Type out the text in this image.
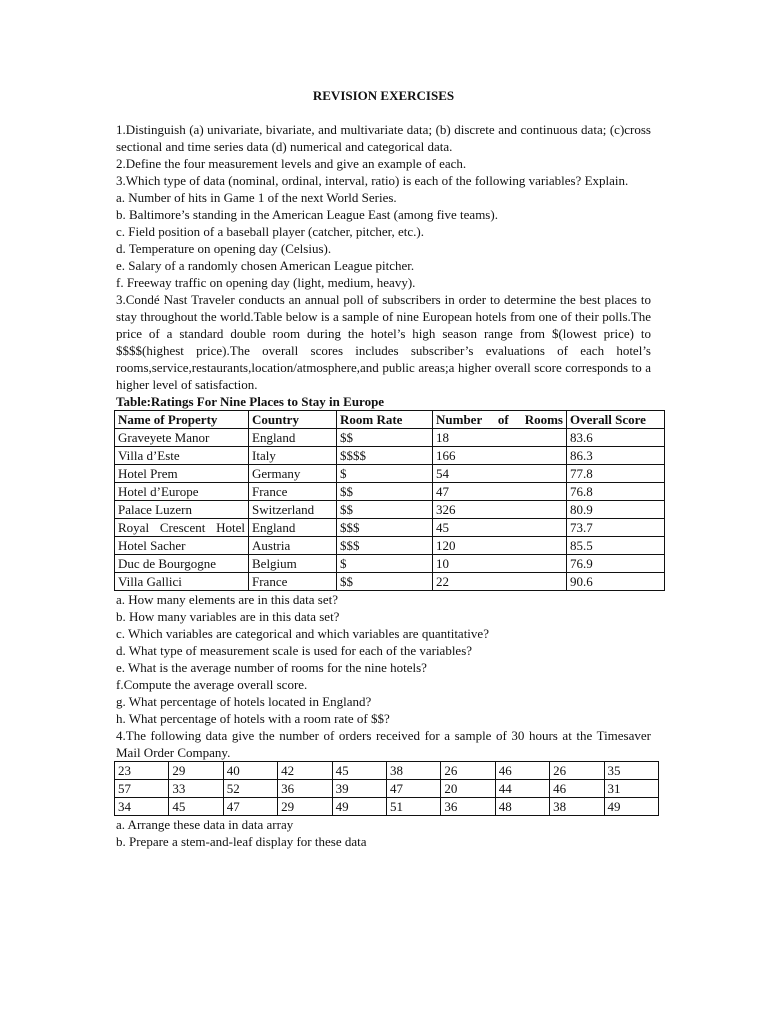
REVISION EXERCISES

1.Distinguish (a) univariate, bivariate, and multivariate data; (b) discrete and continuous data; (c)cross sectional and time series data (d) numerical and categorical data.

2.Define the four measurement levels and give an example of each.

3.Which type of data (nominal, ordinal, interval, ratio) is each of the following variables? Explain.

a. Number of hits in Game 1 of the next World Series.

b. Baltimore’s standing in the American League East (among five teams).

c. Field position of a baseball player (catcher, pitcher, etc.).

d. Temperature on opening day (Celsius).

e. Salary of a randomly chosen American League pitcher.

f. Freeway traffic on opening day (light, medium, heavy).

3.Condé Nast Traveler conducts an annual poll of subscribers in order to determine the best places to stay throughout the world.Table below is a sample of nine European hotels from one of their polls.The price of a standard double room during the hotel’s high season range from $(lowest price) to $$$$(highest price).The overall scores includes subscriber’s evaluations of each hotel’s rooms,service,restaurants,location/atmosphere,and public areas;a higher overall score corresponds to a higher level of satisfaction.

Table:Ratings For Nine Places to Stay in Europe

Name of Property	Country	Room Rate	Number of Rooms	Overall Score
Graveyete Manor	England	$$	18	83.6
Villa d’Este	Italy	$$$$	166	86.3
Hotel Prem	Germany	$	54	77.8
Hotel d’Europe	France	$$	47	76.8
Palace Luzern	Switzerland	$$	326	80.9
Royal Crescent Hotel	England	$$$	45	73.7
Hotel Sacher	Austria	$$$	120	85.5
Duc de Bourgogne	Belgium	$	10	76.9
Villa Gallici	France	$$	22	90.6

a. How many elements are in this data set?

b. How many variables are in this data set?

c. Which variables are categorical and which variables are quantitative?

d. What type of measurement scale is used for each of the variables?

e. What is the average number of rooms for the nine hotels?

f.Compute the average overall score.

g. What percentage of hotels located in England?

h. What percentage of hotels with a room rate of $$?

4.The following data give the number of orders received for a sample of 30 hours at the Timesaver Mail Order Company.

23	29	40	42	45	38	26	46	26	35
57	33	52	36	39	47	20	44	46	31
34	45	47	29	49	51	36	48	38	49

a. Arrange these data in data array

b. Prepare a stem-and-leaf display for these data
